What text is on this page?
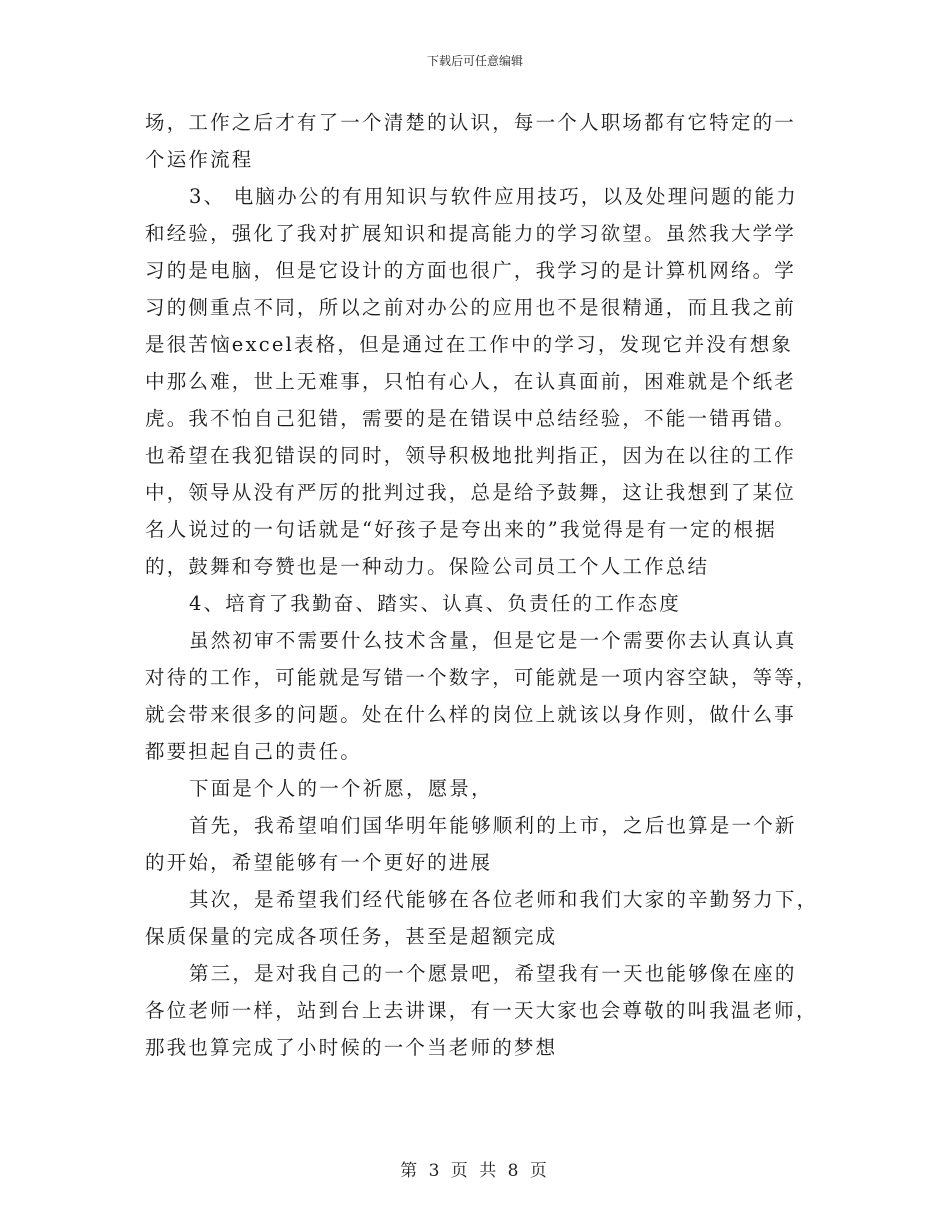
下载后可任意编辑
场，工作之后才有了一个清楚的认识，每一个人职场都有它特定的一
个运作流程
3、 电脑办公的有用知识与软件应用技巧，以及处理问题的能力
和经验，强化了我对扩展知识和提高能力的学习欲望。虽然我大学学
习的是电脑，但是它设计的方面也很广，我学习的是计算机网络。学
习的侧重点不同，所以之前对办公的应用也不是很精通，而且我之前
是很苦恼excel表格，但是通过在工作中的学习，发现它并没有想象
中那么难，世上无难事，只怕有心人，在认真面前，困难就是个纸老
虎。我不怕自己犯错，需要的是在错误中总结经验，不能一错再错。
也希望在我犯错误的同时，领导积极地批判指正，因为在以往的工作
中，领导从没有严厉的批判过我，总是给予鼓舞，这让我想到了某位
名人说过的一句话就是“好孩子是夸出来的”我觉得是有一定的根据
的，鼓舞和夸赞也是一种动力。保险公司员工个人工作总结
4、培育了我勤奋、踏实、认真、负责任的工作态度
虽然初审不需要什么技术含量，但是它是一个需要你去认真认真
对待的工作，可能就是写错一个数字，可能就是一项内容空缺，等等，
就会带来很多的问题。处在什么样的岗位上就该以身作则，做什么事
都要担起自己的责任。
下面是个人的一个祈愿，愿景，
首先，我希望咱们国华明年能够顺利的上市，之后也算是一个新
的开始，希望能够有一个更好的进展
其次，是希望我们经代能够在各位老师和我们大家的辛勤努力下，
保质保量的完成各项任务，甚至是超额完成
第三，是对我自己的一个愿景吧，希望我有一天也能够像在座的
各位老师一样，站到台上去讲课，有一天大家也会尊敬的叫我温老师，
那我也算完成了小时候的一个当老师的梦想
第 3 页 共 8 页
